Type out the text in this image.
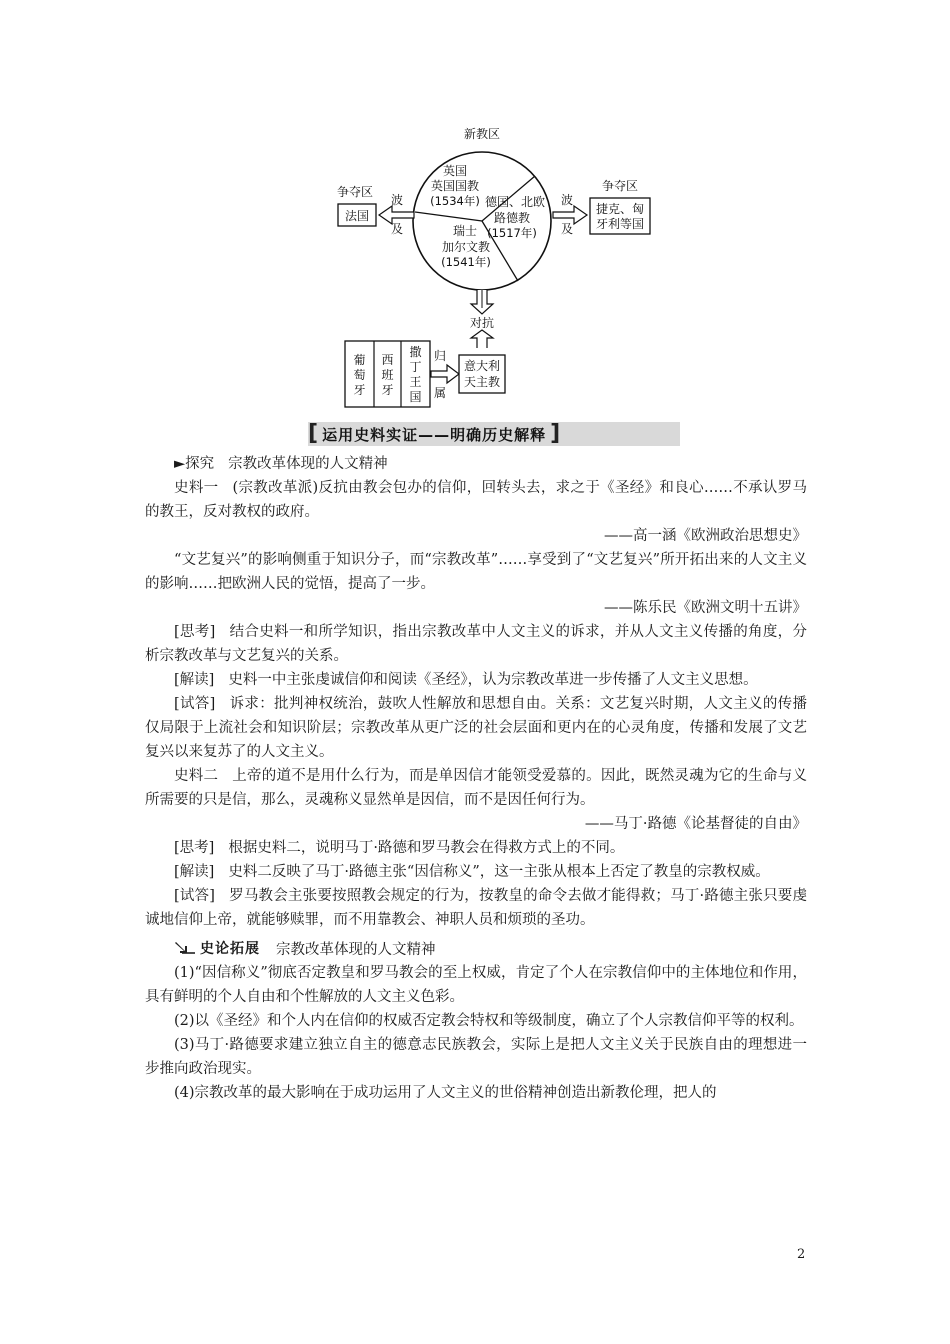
新教区
英国
英国国教
(1534年) 德国、北欧
路德教
(1517年)
瑞士
加尔文教
(1541年)
争夺区
法国
波
及
争夺区
捷克、匈
牙利等国
波
及
对抗
葡萄牙
西班牙
撒丁王国
归
属
意大利
天主教
[ 运用史料实证——明确历史解释 ]

►探究 宗教改革体现的人文精神

史料一 (宗教改革派)反抗由教会包办的信仰，回转头去，求之于《圣经》和良心……不承认罗马的教王，反对教权的政府。

——高一涵《欧洲政治思想史》

“文艺复兴”的影响侧重于知识分子，而“宗教改革”……享受到了“文艺复兴”所开拓出来的人文主义的影响……把欧洲人民的觉悟，提高了一步。

——陈乐民《欧洲文明十五讲》

[思考] 结合史料一和所学知识，指出宗教改革中人文主义的诉求，并从人文主义传播的角度，分析宗教改革与文艺复兴的关系。

[解读] 史料一中主张虔诚信仰和阅读《圣经》，认为宗教改革进一步传播了人文主义思想。

[试答] 诉求：批判神权统治，鼓吹人性解放和思想自由。关系：文艺复兴时期，人文主义的传播仅局限于上流社会和知识阶层；宗教改革从更广泛的社会层面和更内在的心灵角度，传播和发展了文艺复兴以来复苏了的人文主义。

史料二 上帝的道不是用什么行为，而是单因信才能领受爱慕的。因此，既然灵魂为它的生命与义所需要的只是信，那么，灵魂称义显然单是因信，而不是因任何行为。

——马丁·路德《论基督徒的自由》

[思考] 根据史料二，说明马丁·路德和罗马教会在得救方式上的不同。

[解读] 史料二反映了马丁·路德主张“因信称义”，这一主张从根本上否定了教皇的宗教权威。

[试答] 罗马教会主张要按照教会规定的行为，按教皇的命令去做才能得救；马丁·路德主张只要虔诚地信仰上帝，就能够赎罪，而不用靠教会、神职人员和烦琐的圣功。

史论拓展 宗教改革体现的人文精神

(1)“因信称义”彻底否定教皇和罗马教会的至上权威，肯定了个人在宗教信仰中的主体地位和作用，具有鲜明的个人自由和个性解放的人文主义色彩。

(2)以《圣经》和个人内在信仰的权威否定教会特权和等级制度，确立了个人宗教信仰平等的权利。

(3)马丁·路德要求建立独立自主的德意志民族教会，实际上是把人文主义关于民族自由的理想进一步推向政治现实。

(4)宗教改革的最大影响在于成功运用了人文主义的世俗精神创造出新教伦理，把人的

2
